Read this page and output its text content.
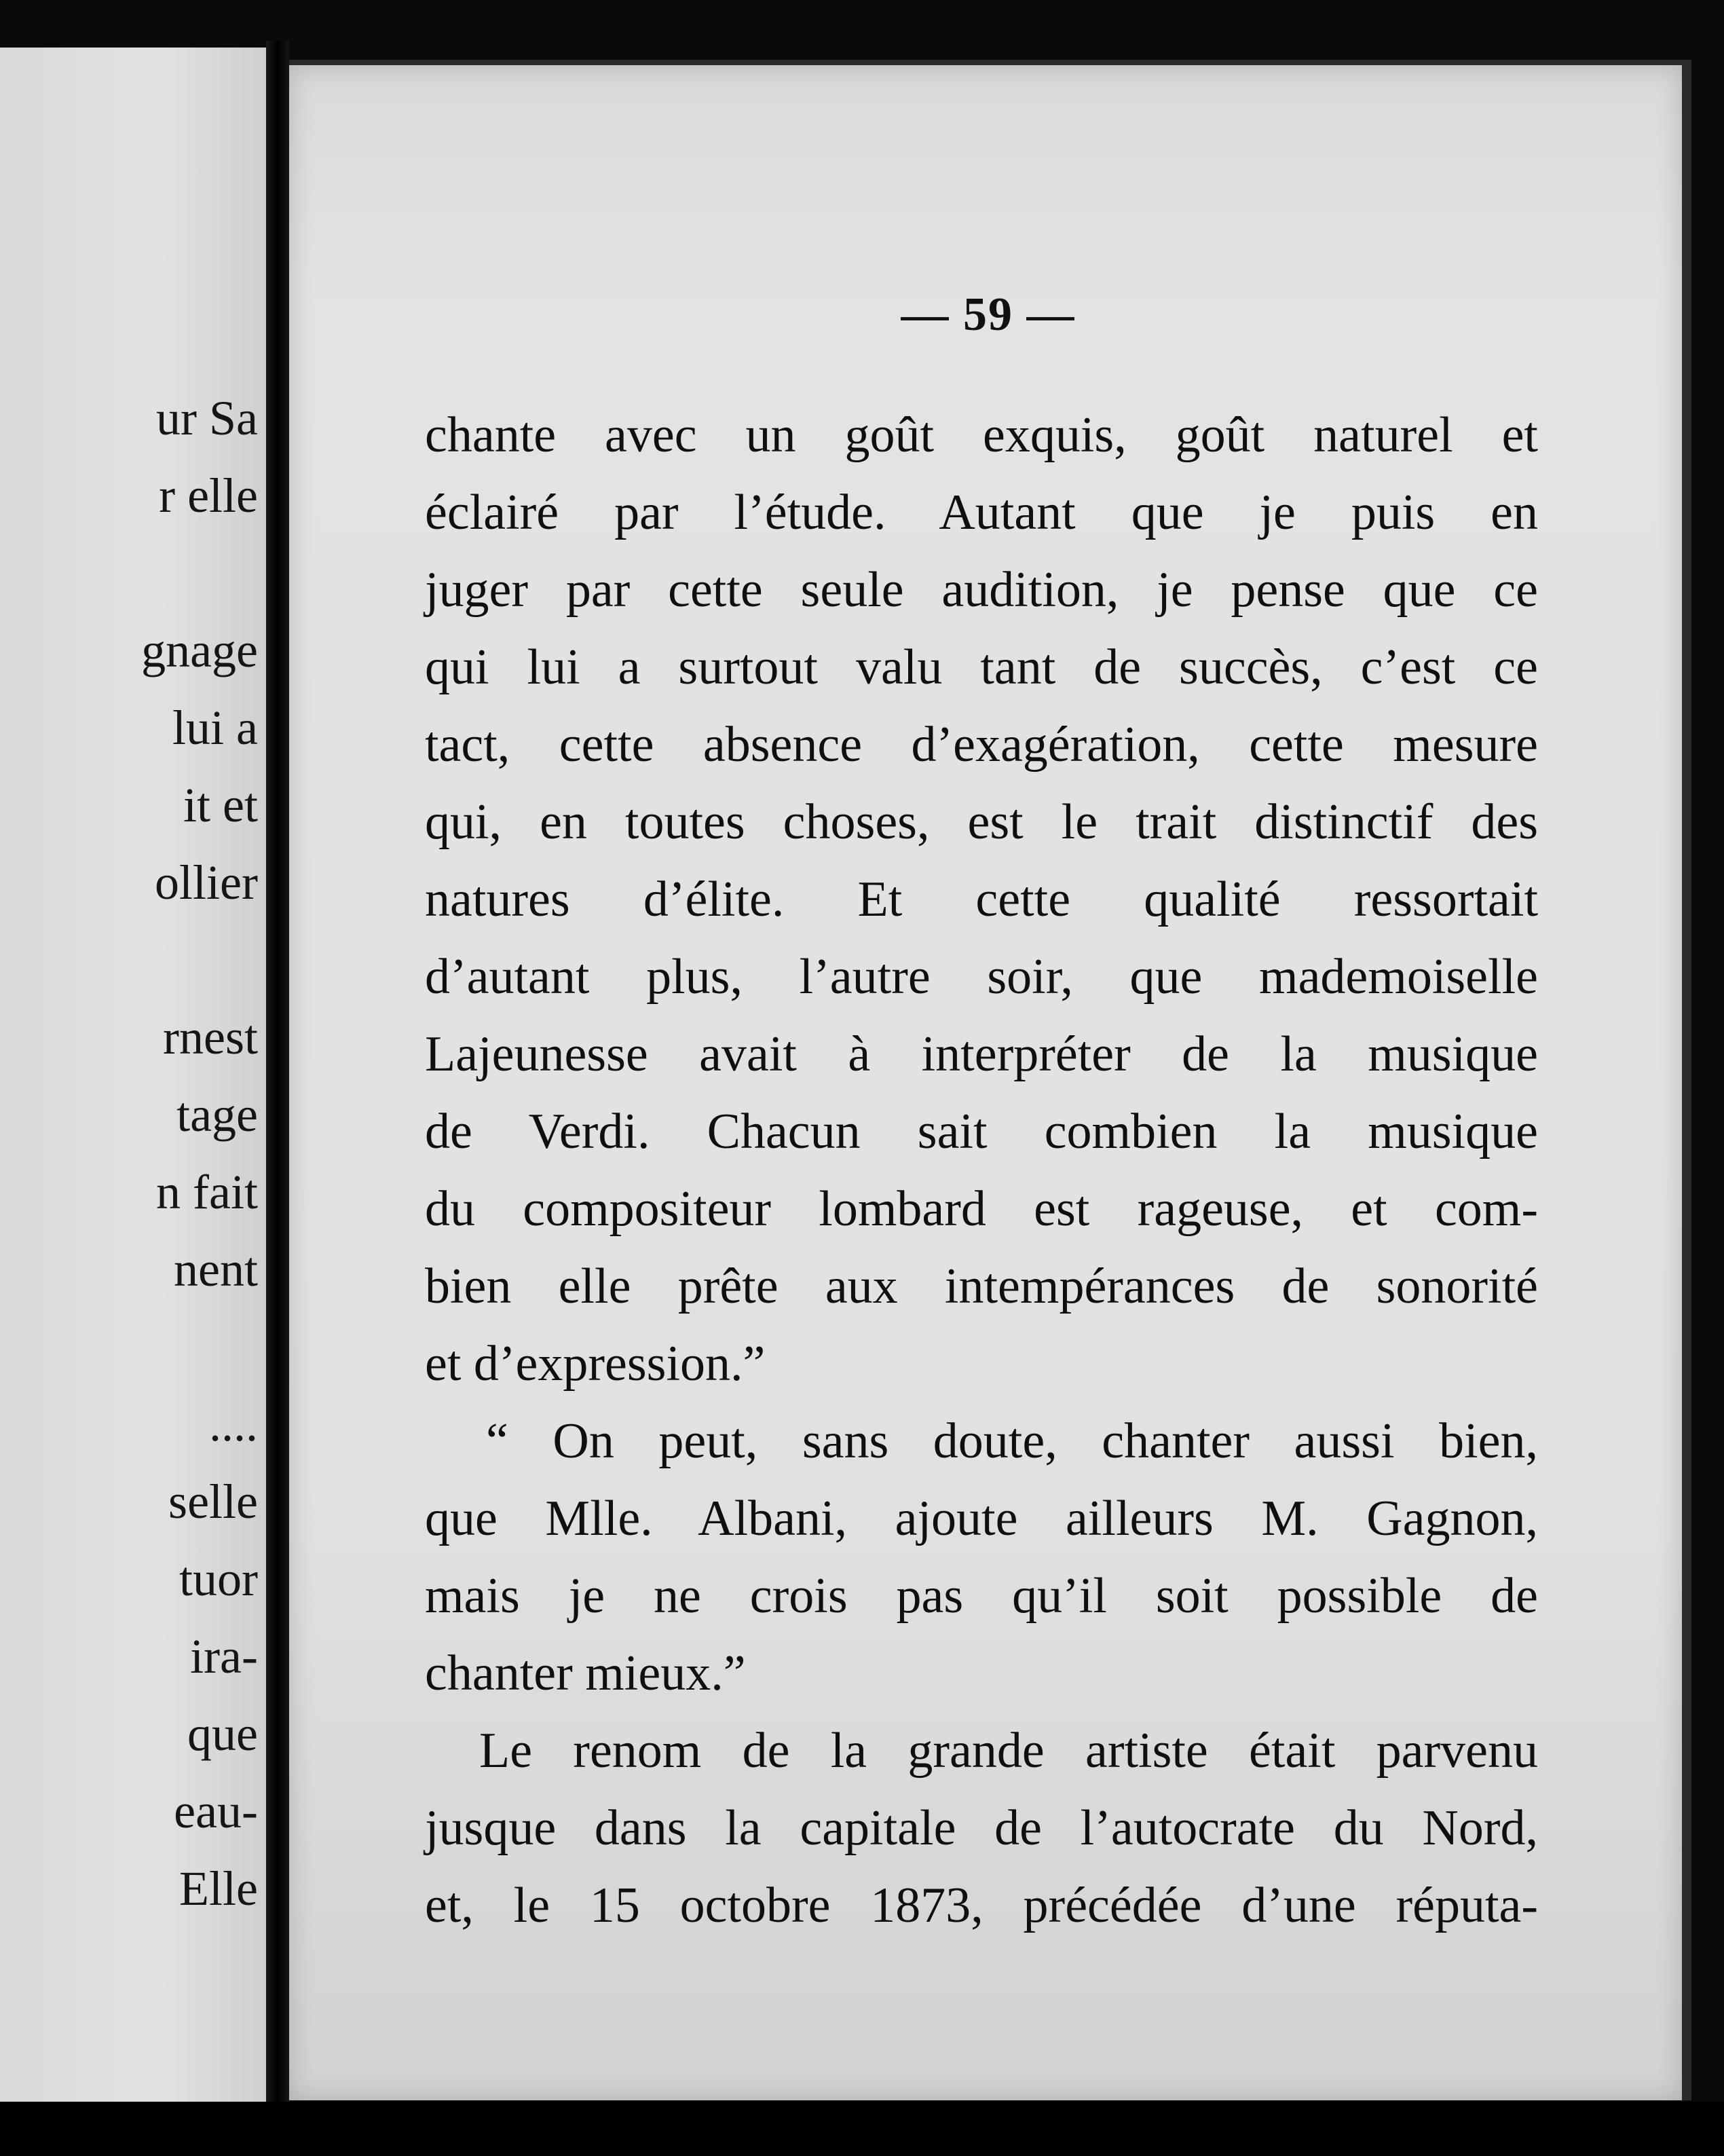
ur Sa

r elle

gnage

lui a

it et

ollier

rnest

tage

n fait

nent

....

selle

tuor

ira-

que

eau-

Elle

— 59 —

chante avec un goût exquis, goût naturel et

éclairé par l’étude. Autant que je puis en

juger par cette seule audition, je pense que ce

qui lui a surtout valu tant de succès, c’est ce

tact, cette absence d’exagération, cette mesure

qui, en toutes choses, est le trait distinctif des

natures d’élite. Et cette qualité ressortait

d’autant plus, l’autre soir, que mademoiselle

Lajeunesse avait à interpréter de la musique

de Verdi. Chacun sait combien la musique

du compositeur lombard est rageuse, et com-

bien elle prête aux intempérances de sonorité

et d’expression.”

“ On peut, sans doute, chanter aussi bien,

que Mlle. Albani, ajoute ailleurs M. Gagnon,

mais je ne crois pas qu’il soit possible de

chanter mieux.”

Le renom de la grande artiste était parvenu

jusque dans la capitale de l’autocrate du Nord,

et, le 15 octobre 1873, précédée d’une réputa-
